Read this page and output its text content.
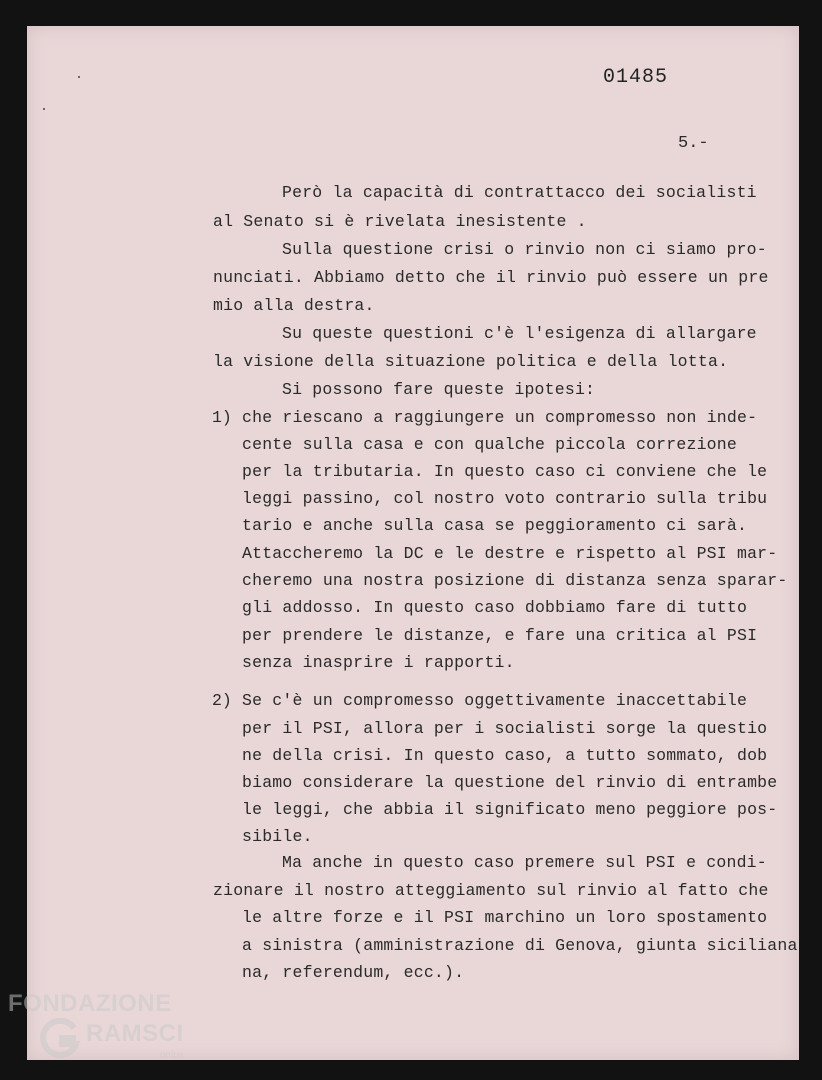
01485
5.-
Però la capacità di contrattacco dei socialisti
al Senato si è rivelata inesistente .
Sulla questione crisi o rinvio non ci siamo pro-
nunciati. Abbiamo detto che il rinvio può essere un pre
mio alla destra.
Su queste questioni c'è l'esigenza di allargare
la visione della situazione politica e della lotta.
Si possono fare queste ipotesi:
1) che riescano a raggiungere un compromesso non inde-
cente sulla casa e con qualche piccola correzione
per la tributaria. In questo caso ci conviene che le
leggi passino, col nostro voto contrario sulla tribu
tario e anche sulla casa se peggioramento ci sarà.
Attaccheremo la DC e le destre e rispetto al PSI mar-
cheremo una nostra posizione di distanza senza sparar-
gli addosso. In questo caso dobbiamo fare di tutto
per prendere le distanze, e fare una critica al PSI
senza inasprire i rapporti.
2) Se c'è un compromesso oggettivamente inaccettabile
per il PSI, allora per i socialisti sorge la questio
ne della crisi. In questo caso, a tutto sommato, dob
biamo considerare la questione del rinvio di entrambe
le leggi, che abbia il significato meno peggiore pos-
sibile.
Ma anche in questo caso premere sul PSI e condi-
zionare il nostro atteggiamento sul rinvio al fatto che
le altre forze e il PSI marchino un loro spostamento
a sinistra (amministrazione di Genova, giunta siciliana
na, referendum, ecc.).
FONDAZIONE
RAMSCI
onlus
